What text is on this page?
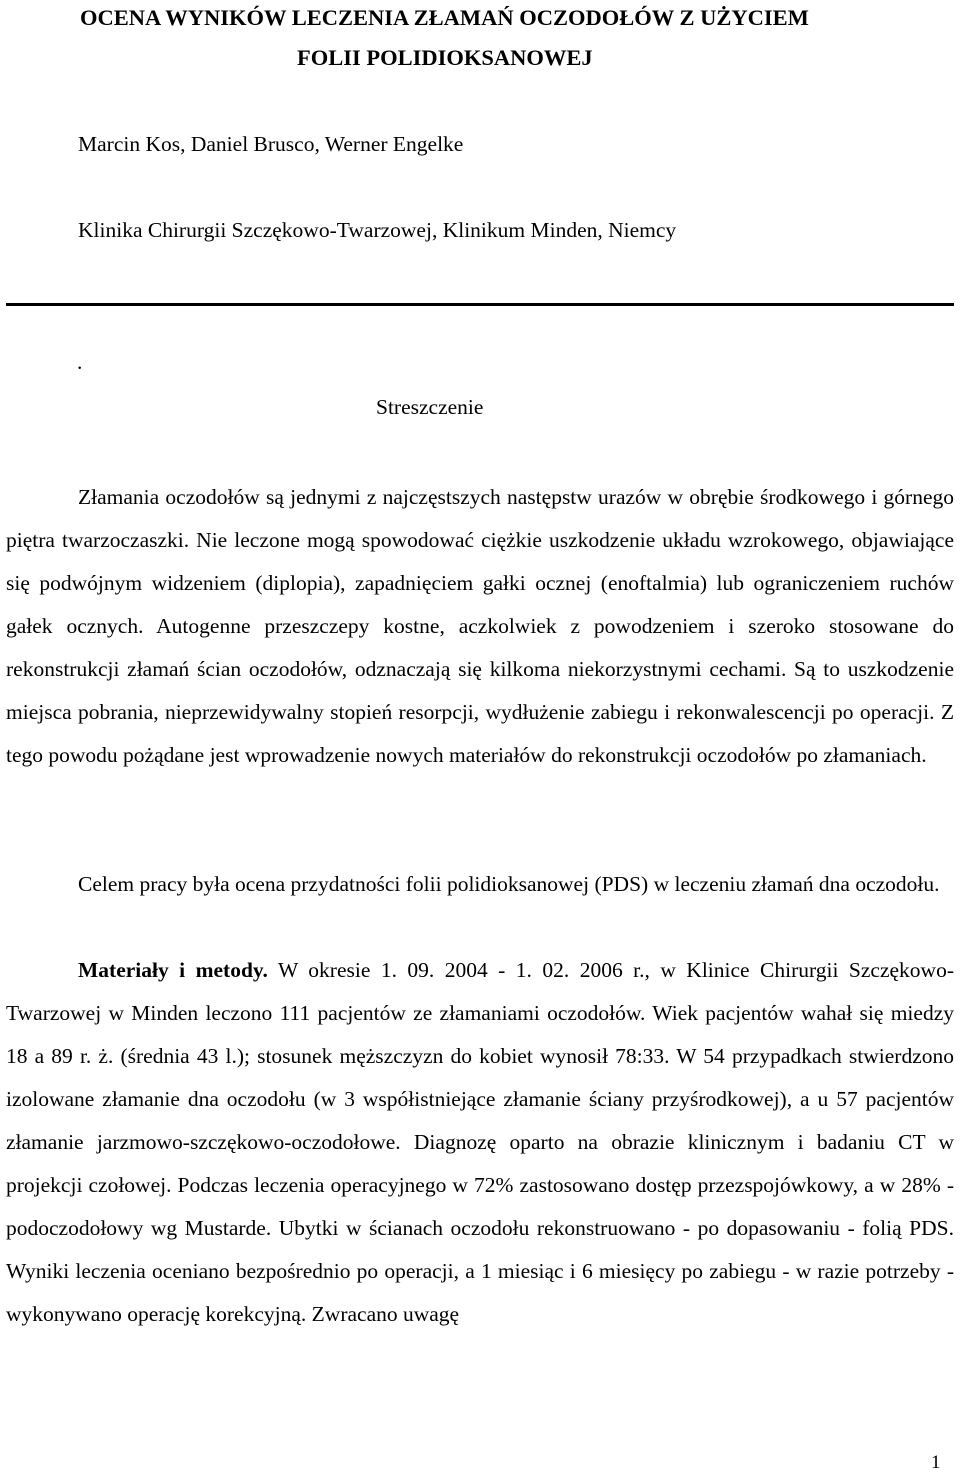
OCENA WYNIKÓW LECZENIA ZŁAMAŃ OCZODOŁÓW Z UŻYCIEM
FOLII POLIDIOKSANOWEJ
Marcin Kos, Daniel Brusco, Werner Engelke
Klinika Chirurgii Szczękowo-Twarzowej, Klinikum Minden, Niemcy
.
Streszczenie
Złamania oczodołów są jednymi z najczęstszych następstw urazów w obrębie środkowego i górnego piętra twarzoczaszki. Nie leczone mogą spowodować ciężkie uszkodzenie układu wzrokowego, objawiające się podwójnym widzeniem (diplopia), zapadnięciem gałki ocznej (enoftalmia) lub ograniczeniem ruchów gałek ocznych. Autogenne przeszczepy kostne, aczkolwiek z powodzeniem i szeroko stosowane do rekonstrukcji złamań ścian oczodołów, odznaczają się kilkoma niekorzystnymi cechami. Są to uszkodzenie miejsca pobrania, nieprzewidywalny stopień resorpcji, wydłużenie zabiegu i rekonwalescencji po operacji. Z tego powodu pożądane jest wprowadzenie nowych materiałów do rekonstrukcji oczodołów po złamaniach.
Celem pracy była ocena przydatności folii polidioksanowej (PDS) w leczeniu złamań dna oczodołu.
Materiały i metody. W okresie 1. 09. 2004 - 1. 02. 2006 r., w Klinice Chirurgii Szczękowo-Twarzowej w Minden leczono 111 pacjentów ze złamaniami oczodołów. Wiek pacjentów wahał się miedzy 18 a 89 r. ż. (średnia 43 l.); stosunek męższczyzn do kobiet wynosił 78:33. W 54 przypadkach stwierdzono izolowane złamanie dna oczodołu (w 3 współistniejące złamanie ściany przyśrodkowej), a u 57 pacjentów złamanie jarzmowo-szczękowo-oczodołowe. Diagnozę oparto na obrazie klinicznym i badaniu CT w projekcji czołowej. Podczas leczenia operacyjnego w 72% zastosowano dostęp przezspojówkowy, a w 28% - podoczodołowy wg Mustarde. Ubytki w ścianach oczodołu rekonstruowano - po dopasowaniu - folią PDS. Wyniki leczenia oceniano bezpośrednio po operacji, a 1 miesiąc i 6 miesięcy po zabiegu - w razie potrzeby - wykonywano operację korekcyjną. Zwracano uwagę
1
